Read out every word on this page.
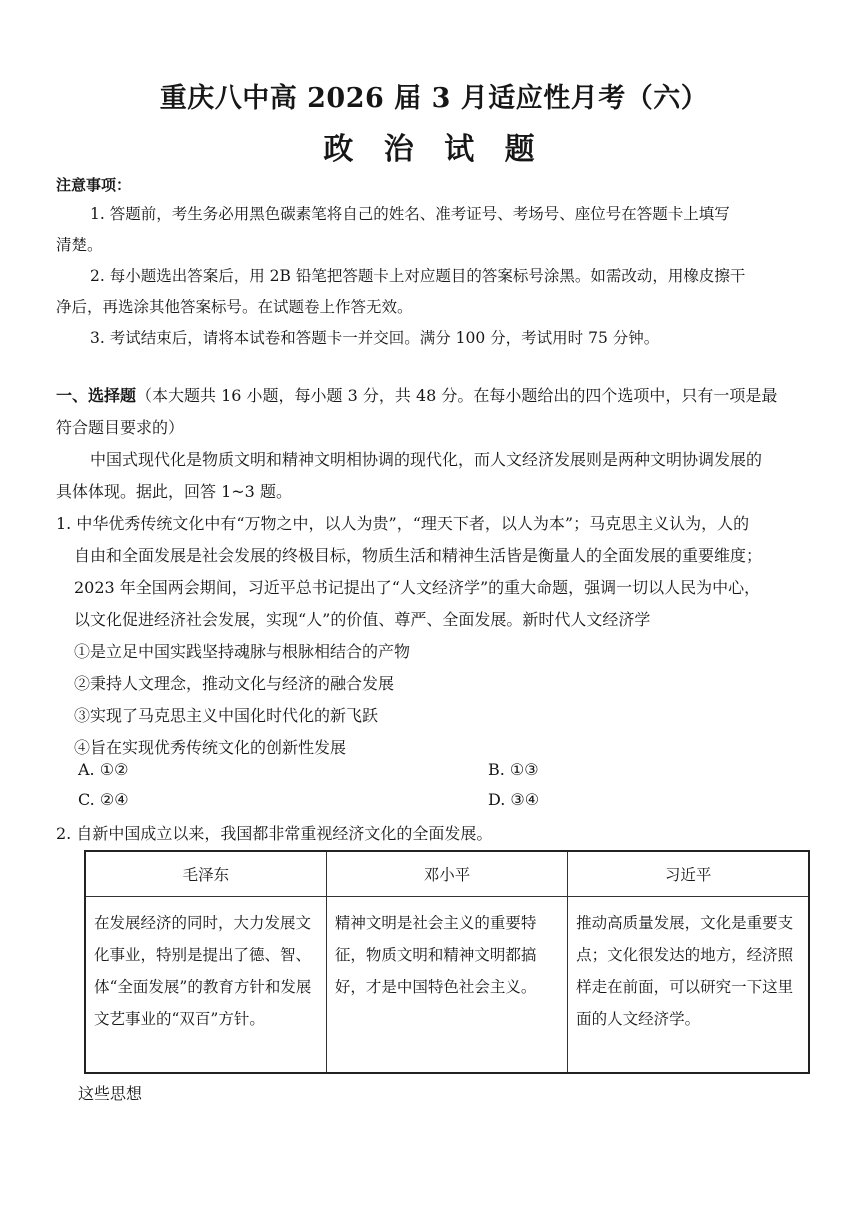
重庆八中高 2026 届 3 月适应性月考（六）
政 治 试 题
注意事项：
1. 答题前，考生务必用黑色碳素笔将自己的姓名、准考证号、考场号、座位号在答题卡上填写
清楚。
2. 每小题选出答案后，用 2B 铅笔把答题卡上对应题目的答案标号涂黑。如需改动，用橡皮擦干
净后，再选涂其他答案标号。在试题卷上作答无效。
3. 考试结束后，请将本试卷和答题卡一并交回。满分 100 分，考试用时 75 分钟。
一、选择题（本大题共 16 小题，每小题 3 分，共 48 分。在每小题给出的四个选项中，只有一项是最
符合题目要求的）
中国式现代化是物质文明和精神文明相协调的现代化，而人文经济发展则是两种文明协调发展的
具体体现。据此，回答 1~3 题。
1. 中华优秀传统文化中有“万物之中，以人为贵”，“理天下者，以人为本”；马克思主义认为，人的
自由和全面发展是社会发展的终极目标，物质生活和精神生活皆是衡量人的全面发展的重要维度；
2023 年全国两会期间，习近平总书记提出了“人文经济学”的重大命题，强调一切以人民为中心，
以文化促进经济社会发展，实现“人”的价值、尊严、全面发展。新时代人文经济学
①是立足中国实践坚持魂脉与根脉相结合的产物
②秉持人文理念，推动文化与经济的融合发展
③实现了马克思主义中国化时代化的新飞跃
④旨在实现优秀传统文化的创新性发展
A. ①②	B. ①③
C. ②④	D. ③④
2. 自新中国成立以来，我国都非常重视经济文化的全面发展。
毛泽东	邓小平	习近平
在发展经济的同时，大力发展文化事业，特别是提出了德、智、体“全面发展”的教育方针和发展文艺事业的“双百”方针。	精神文明是社会主义的重要特征，物质文明和精神文明都搞好，才是中国特色社会主义。	推动高质量发展，文化是重要支点；文化很发达的地方，经济照样走在前面，可以研究一下这里面的人文经济学。
这些思想
